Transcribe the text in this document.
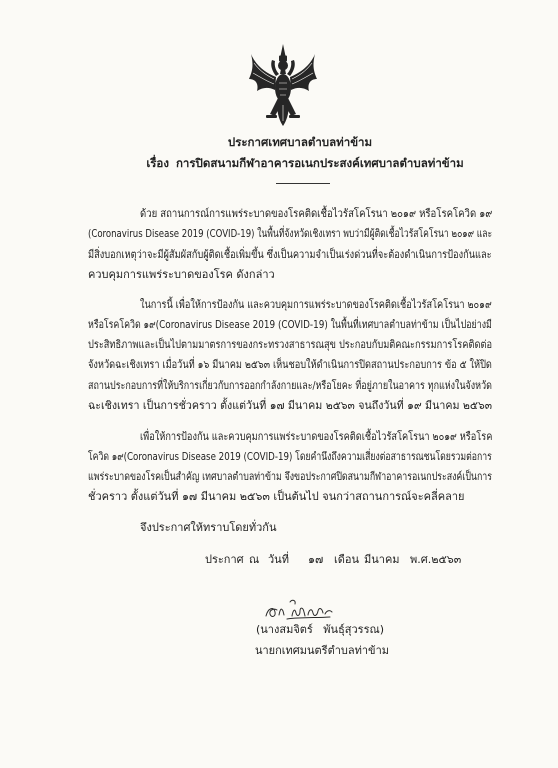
ประกาศเทศบาลตำบลท่าข้าม
เรื่อง การปิดสนามกีฬาอาคารอเนกประสงค์เทศบาลตำบลท่าข้าม
ด้วย สถานการณ์การแพร่ระบาดของโรคติดเชื้อไวรัสโคโรนา ๒๐๑๙ หรือโรคโควิด ๑๙
(Coronavirus Disease 2019 (COVID-19) ในพื้นที่จังหวัดเชิงเทรา พบว่ามีผู้ติดเชื้อไวรัสโคโรนา ๒๐๑๙ และ
มีสิ่งบอกเหตุว่าจะมีผู้สัมผัสกับผู้ติดเชื้อเพิ่มขึ้น ซึ่งเป็นความจำเป็นเร่งด่วนที่จะต้องดำเนินการป้องกันและ
ควบคุมการแพร่ระบาดของโรค ดังกล่าว
ในการนี้ เพื่อให้การป้องกัน และควบคุมการแพร่ระบาดของโรคติดเชื้อไวรัสโคโรนา ๒๐๑๙
หรือโรคโควิด ๑๙(Coronavirus Disease 2019 (COVID-19) ในพื้นที่เทศบาลตำบลท่าข้าม เป็นไปอย่างมี
ประสิทธิภาพและเป็นไปตามมาตรการของกระทรวงสาธารณสุข ประกอบกับมติคณะกรรมการโรคติดต่อ
จังหวัดฉะเชิงเทรา เมื่อวันที่ ๑๖ มีนาคม ๒๕๖๓ เห็นชอบให้ดำเนินการปิดสถานประกอบการ ข้อ ๕ ให้ปิด
สถานประกอบการที่ให้บริการเกี่ยวกับการออกกำลังกายและ/หรือโยคะ ที่อยู่ภายในอาคาร ทุกแห่งในจังหวัด
ฉะเชิงเทรา เป็นการชั่วคราว ตั้งแต่วันที่ ๑๗ มีนาคม ๒๕๖๓ จนถึงวันที่ ๑๙ มีนาคม ๒๕๖๓
เพื่อให้การป้องกัน และควบคุมการแพร่ระบาดของโรคติดเชื้อไวรัสโคโรนา ๒๐๑๙ หรือโรค
โควิด ๑๙(Coronavirus Disease 2019 (COVID-19) โดยคำนึงถึงความเสี่ยงต่อสาธารณชนโดยรวมต่อการ
แพร่ระบาดของโรคเป็นสำคัญ เทศบาลตำบลท่าข้าม จึงขอประกาศปิดสนามกีฬาอาคารอเนกประสงค์เป็นการ
ชั่วคราว ตั้งแต่วันที่ ๑๗ มีนาคม ๒๕๖๓ เป็นต้นไป จนกว่าสถานการณ์จะคลี่คลาย
จึงประกาศให้ทราบโดยทั่วกัน
ประกาศ ณ วันที่ ๑๗ เดือน มีนาคม พ.ศ.๒๕๖๓
(นางสมจิตร์   พันธุ์สุวรรณ)
นายกเทศมนตรีตำบลท่าข้าม
